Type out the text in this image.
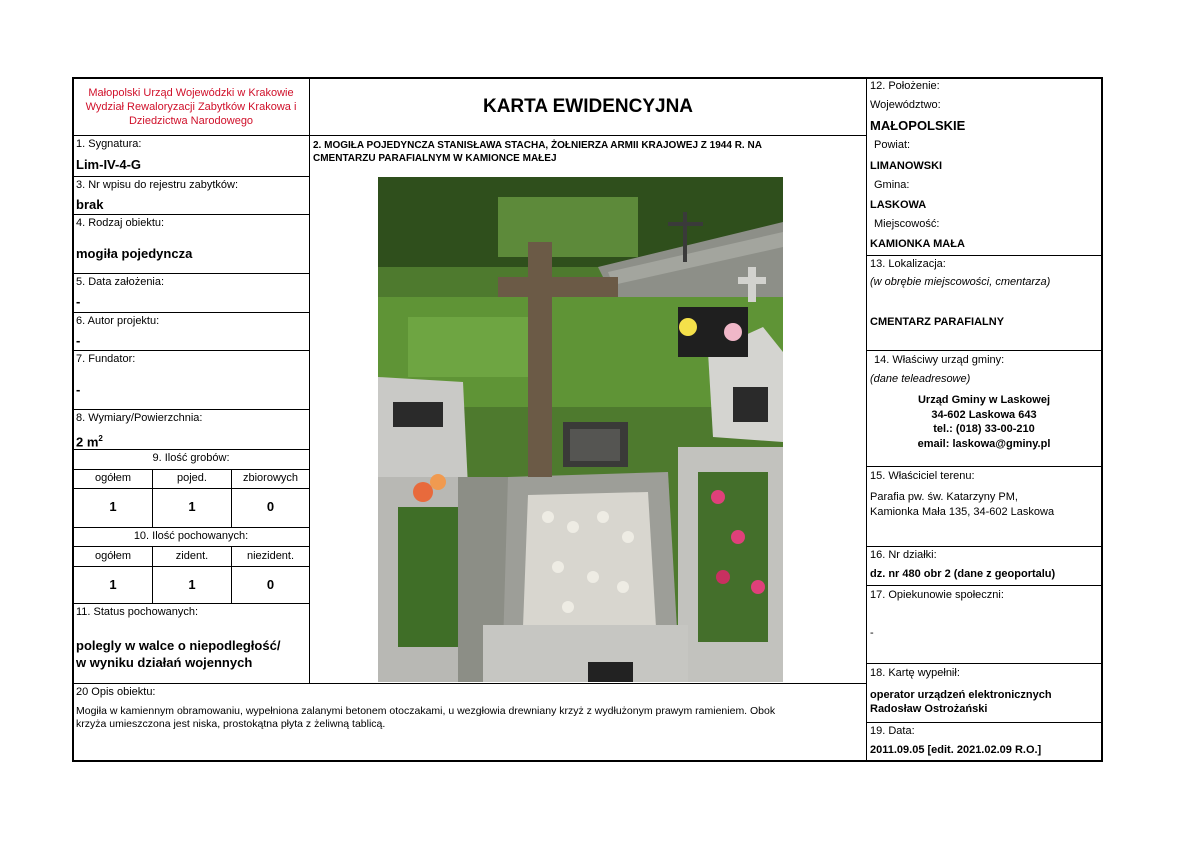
Małopolski Urząd Wojewódzki w Krakowie
Wydział Rewaloryzacji Zabytków Krakowa i
Dziedzictwa Narodowego
KARTA EWIDENCYJNA
1. Sygnatura:
Lim-IV-4-G
3. Nr wpisu do rejestru zabytków:
brak
4. Rodzaj obiektu:
mogiła pojedyncza
5. Data założenia:
-
6. Autor projektu:
-
7. Fundator:
-
8. Wymiary/Powierzchnia:
2 $m^2$
9. Ilość grobów:
ogółem	pojed.	zbiorowych
1	1	0
10. Ilość pochowanych:
ogółem	zident.	niezident.
1	1	0
11. Status pochowanych:
polegly w walce o niepodległość/
w wyniku działań wojennych
2. MOGIŁA POJEDYNCZA STANISŁAWA STACHA, ŻOŁNIERZA ARMII KRAJOWEJ Z 1944 R. NA
CMENTARZU PARAFIALNYM W KAMIONCE MAŁEJ
20 Opis obiektu:
Mogiła w kamiennym obramowaniu, wypełniona zalanymi betonem otoczakami, u wezgłowia drewniany krzyż z wydłużonym prawym ramieniem. Obok
krzyża umieszczona jest niska, prostokątna płyta z żeliwną tablicą.
12. Położenie:
Województwo:
MAŁOPOLSKIE
Powiat:
LIMANOWSKI
Gmina:
LASKOWA
Miejscowość:
KAMIONKA MAŁA
13. Lokalizacja:
(w obrębie miejscowości, cmentarza)
CMENTARZ PARAFIALNY
14. Właściwy urząd gminy:
(dane teleadresowe)
Urząd Gminy w Laskowej
34-602 Laskowa 643
tel.: (018) 33-00-210
email: laskowa@gminy.pl
15. Właściciel terenu:
Parafia pw. św. Katarzyny PM,
Kamionka Mała 135, 34-602 Laskowa
16. Nr działki:
dz. nr 480 obr 2 (dane z geoportalu)
17. Opiekunowie społeczni:
-
18. Kartę wypełnił:
operator urządzeń elektronicznych
Radosław Ostrożański
19. Data:
2011.09.05 [edit. 2021.02.09 R.O.]
